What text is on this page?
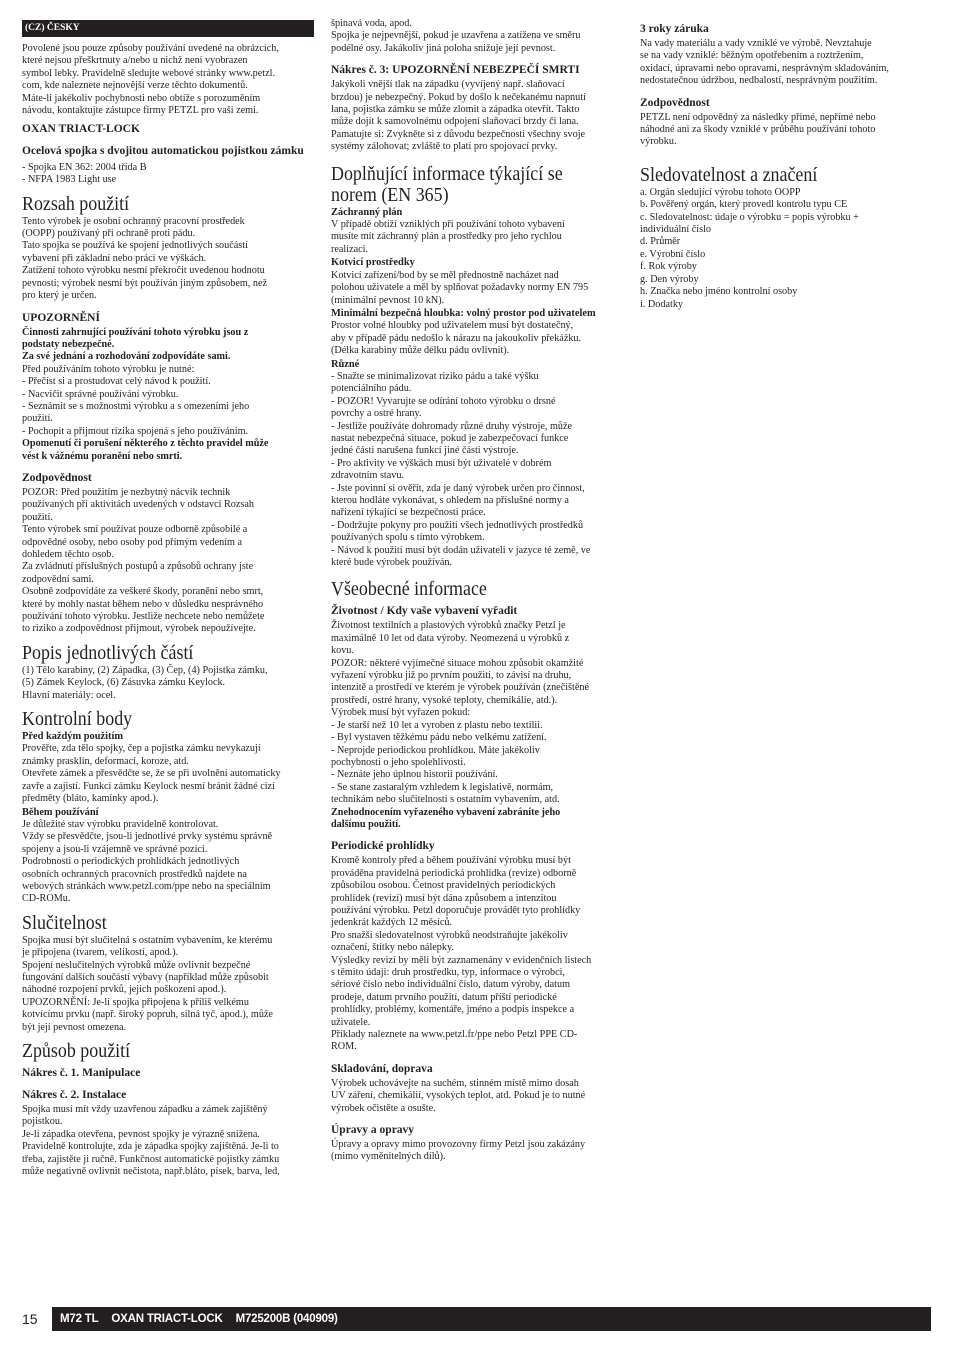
(CZ) ČESKY

Povolené jsou pouze způsoby používání uvedené na obrázcích,
které nejsou přeškrtnuty a/nebo u nichž není vyobrazen
symbol lebky. Pravidelně sledujte webové stránky www.petzl.
com, kde naleznete nejnovější verze těchto dokumentů.
Máte-li jakékoliv pochybnosti nebo obtíže s porozuměním
návodu, kontaktujte zástupce firmy PETZL pro vaši zemi.

OXAN TRIACT-LOCK
Ocelová spojka s dvojitou automatickou pojistkou zámku

- Spojka EN 362: 2004 třída B
- NFPA 1983 Light use

Rozsah použití

Tento výrobek je osobní ochranný pracovní prostředek
(OOPP) používaný při ochraně proti pádu.
Tato spojka se používá ke spojení jednotlivých součástí
vybavení při základní nebo práci ve výškách.
Zatížení tohoto výrobku nesmí překročit uvedenou hodnotu
pevnosti; výrobek nesmí být používán jiným způsobem, než
pro který je určen.

UPOZORNĚNÍ

Činnosti zahrnující používání tohoto výrobku jsou z
podstaty nebezpečné.
Za své jednání a rozhodování zodpovídáte sami.

Před používáním tohoto výrobku je nutné:
- Přečíst si a prostudovat celý návod k použití.
- Nacvičit správné používání výrobku.
- Seznámit se s možnostmi výrobku a s omezeními jeho
použití.
- Pochopit a přijmout rizika spojená s jeho používáním.

Opomenutí či porušení některého z těchto pravidel může
vést k vážnému poranění nebo smrti.

Zodpovědnost

POZOR: Před použitím je nezbytný nácvik technik
používaných při aktivitách uvedených v odstavci Rozsah
použití.
Tento výrobek smí používat pouze odborně způsobilé a
odpovědné osoby, nebo osoby pod přímým vedením a
dohledem těchto osob.
Za zvládnutí příslušných postupů a způsobů ochrany jste
zodpovědní sami.
Osobně zodpovídáte za veškeré škody, poranění nebo smrt,
které by mohly nastat během nebo v důsledku nesprávného
používání tohoto výrobku. Jestliže nechcete nebo nemůžete
to riziko a zodpovědnost přijmout, výrobek nepoužívejte.

Popis jednotlivých částí

(1) Tělo karabiny, (2) Západka, (3) Čep, (4) Pojistka zámku,
(5) Zámek Keylock, (6) Zásuvka zámku Keylock.
Hlavní materiály: ocel.

Kontrolní body
Před každým použitím

Prověřte, zda tělo spojky, čep a pojistka zámku nevykazují
známky prasklin, deformací, koroze, atd.
Otevřete zámek a přesvědčte se, že se při uvolnění automaticky
zavře a zajistí. Funkci zámku Keylock nesmí bránit žádné cizí
předměty (bláto, kamínky apod.).

Během používání

Je důležité stav výrobku pravidelně kontrolovat.
Vždy se přesvědčte, jsou-li jednotlivé prvky systému správně
spojeny a jsou-li vzájemně ve správné pozici.
Podrobnosti o periodických prohlídkách jednotlivých
osobních ochranných pracovních prostředků najdete na
webových stránkách www.petzl.com/ppe nebo na speciálním
CD-ROMu.

Slučitelnost

Spojka musí být slučitelná s ostatním vybavením, ke kterému
je připojena (tvarem, velikostí, apod.).
Spojení neslučitelných výrobků může ovlivnit bezpečné
fungování dalších součástí výbavy (například může způsobit
náhodné rozpojení prvků, jejich poškození apod.).
UPOZORNĚNÍ: Je-li spojka připojena k příliš velkému
kotvícímu prvku (např. široký popruh, silná tyč, apod.), může
být její pevnost omezena.

Způsob použití
Nákres č. 1. Manipulace
Nákres č. 2. Instalace

Spojka musí mít vždy uzavřenou západku a zámek zajištěný
pojistkou.
Je-li západka otevřena, pevnost spojky je výrazně snížena.
Pravidelně kontrolujte, zda je západka spojky zajištěná. Je-li to
třeba, zajistěte ji ručně. Funkčnost automatické pojistky zámku
může negativně ovlivnit nečistota, např.bláto, písek, barva, led,

špinavá voda, apod.
Spojka je nejpevnější, pokud je uzavřena a zatížena ve směru
podélné osy. Jakákoliv jiná poloha snižuje její pevnost.

Nákres č. 3: UPOZORNĚNÍ NEBEZPEČÍ SMRTI

Jakýkoli vnější tlak na západku (vyvíjený např. slaňovací
brzdou) je nebezpečný. Pokud by došlo k nečekanému napnutí
lana, pojistka zámku se může zlomit a západka otevřít. Takto
může dojít k samovolnému odpojení slaňovací brzdy či lana.
Pamatujte si: Zvykněte si z důvodu bezpečnosti všechny svoje
systémy zálohovat; zvláště to platí pro spojovací prvky.

Doplňující informace týkající se norem (EN 365)
Záchranný plán

V případě obtíží vzniklých při používání tohoto vybavení
musíte mít záchranný plán a prostředky pro jeho rychlou
realizaci.

Kotvicí prostředky

Kotvicí zařízení/bod by se měl přednostně nacházet nad
polohou uživatele a měl by splňovat požadavky normy EN 795
(minimální pevnost 10 kN).

Minimální bezpečná hloubka: volný prostor pod uživatelem

Prostor volné hloubky pod uživatelem musí být dostatečný,
aby v případě pádu nedošlo k nárazu na jakoukoliv překážku.
(Délka karabiny může délku pádu ovlivnit).

Různé

- Snažte se minimalizovat riziko pádu a také výšku
potenciálního pádu.
- POZOR! Vyvarujte se odírání tohoto výrobku o drsné
povrchy a ostré hrany.
- Jestliže používáte dohromady různé druhy výstroje, může
nastat nebezpečná situace, pokud je zabezpečovací funkce
jedné části narušena funkcí jiné části výstroje.
- Pro aktivity ve výškách musí být uživatelé v dobrém
zdravotním stavu.
- Jste povinni si ověřit, zda je daný výrobek určen pro činnost,
kterou hodláte vykonávat, s ohledem na příslušné normy a
nařízení týkající se bezpečnosti práce.
- Dodržujte pokyny pro použití všech jednotlivých prostředků
používaných spolu s tímto výrobkem.
- Návod k použití musí být dodán uživateli v jazyce té země, ve
které bude výrobek používán.

Všeobecné informace
Životnost / Kdy vaše vybavení vyřadit

Životnost textilních a plastových výrobků značky Petzl je
maximálně 10 let od data výroby. Neomezená u výrobků z
kovu.
POZOR: některé vyjímečné situace mohou způsobit okamžité
vyřazení výrobku již po prvním použití, to závisí na druhu,
intenzitě a prostředí ve kterém je výrobek používán (znečištěné
prostředí, ostré hrany, vysoké teploty, chemikálie, atd.).
Výrobek musí být vyřazen pokud:
- Je starší než 10 let a vyroben z plastu nebo textilii.
- Byl vystaven těžkému pádu nebo velkému zatížení.
- Neprojde periodickou prohlídkou. Máte jakékoliv
pochybnosti o jeho spolehlivosti.
- Neznáte jeho úplnou historii používání.
- Se stane zastaralým vzhledem k legislativě, normám,
technikám nebo slučitelnosti s ostatním vybavením, atd.

Znehodnocením vyřazeného vybavení zabráníte jeho
dalšímu použití.

Periodické prohlídky

Kromě kontroly před a během používání výrobku musí být
prováděna pravidelná periodická prohlídka (revize) odborně
způsobilou osobou. Četnost pravidelných periodických
prohlídek (revizí) musí být dána způsobem a intenzitou
používání výrobku. Petzl doporučuje provádět tyto prohlídky
jedenkrát každých 12 měsíců.
Pro snažší sledovatelnost výrobků neodstraňujte jakékoliv
označení, štítky nebo nálepky.
Výsledky revizí by měli být zaznamenány v evidenčních listech
s těmito údaji: druh prostředku, typ, informace o výrobci,
sériové číslo nebo individuální číslo, datum výroby, datum
prodeje, datum prvního použití, datum příští periodické
prohlídky, problémy, komentáře, jméno a podpis inspekce a
uživatele.
Příklady naleznete na www.petzl.fr/ppe nebo Petzl PPE CD-
ROM.

Skladování, doprava

Výrobek uchovávejte na suchém, stinném místě mimo dosah
UV záření, chemikálií, vysokých teplot, atd. Pokud je to nutné
výrobek očistěte a osušte.

Úpravy a opravy

Úpravy a opravy mimo provozovny firmy Petzl jsou zakázány
(mimo vyměnitelných dílů).

3 roky záruka

Na vady materiálu a vady vzniklé ve výrobě. Nevztahuje
se na vady vzniklé: běžným opotřebením a roztržením,
oxidací, úpravami nebo opravami, nesprávným skladováním,
nedostatečnou údržbou, nedbalostí, nesprávným použitím.

Zodpovědnost

PETZL není odpovědný za následky přímé, nepřímé nebo
náhodné ani za škody vzniklé v průběhu používání tohoto
výrobku.

Sledovatelnost a značení

a. Orgán sledující výrobu tohoto OOPP
b. Pověřený orgán, který provedl kontrolu typu CE
c. Sledovatelnost: údaje o výrobku = popis výrobku +
individuální číslo
d. Průměr
e. Výrobní číslo
f. Rok výroby
g. Den výroby
h. Značka nebo jméno kontrolní osoby
i. Dodatky

15	M72 TL OXAN TRIACT-LOCK M725200B (040909)
